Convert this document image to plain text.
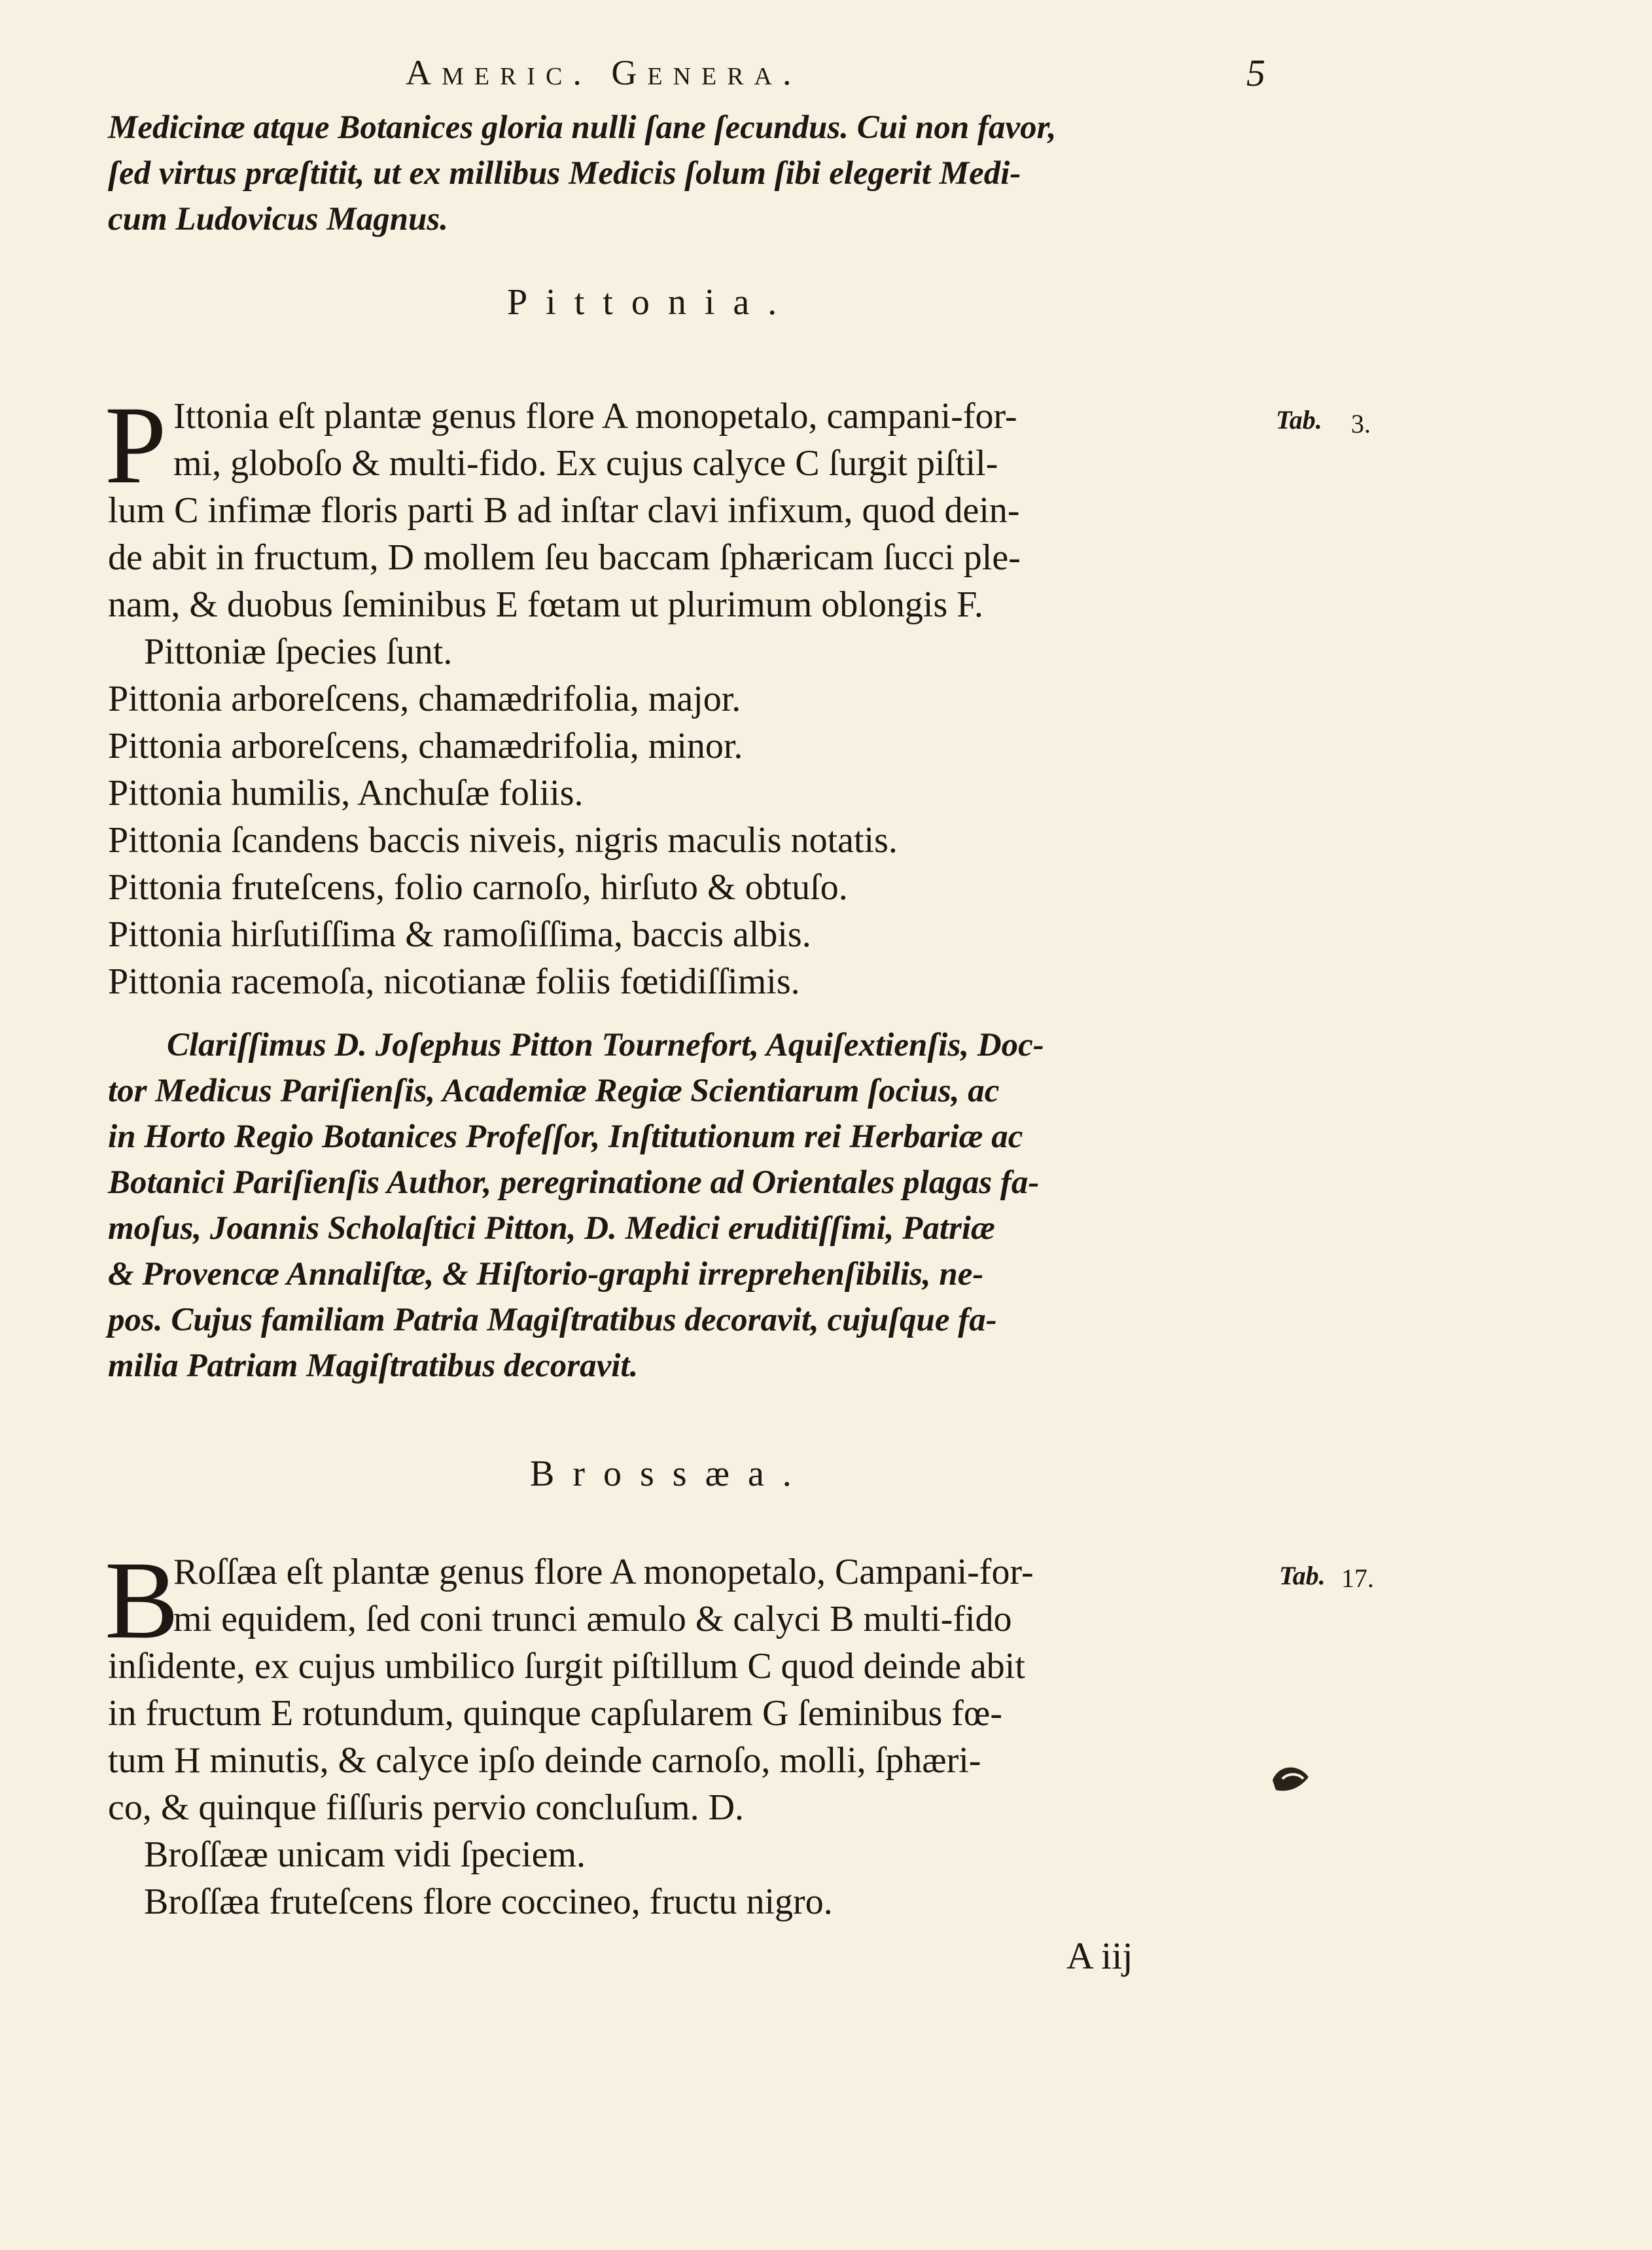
Americ. Genera.	5
Medicinæ atque Botanices gloria nulli ſane ſecundus. Cui non favor,
ſed virtus præſtitit, ut ex millibus Medicis ſolum ſibi elegerit Medi-
cum Ludovicus Magnus.
Pittonia.
P	Tab. 3.
Ittonia eſt plantæ genus flore A monopetalo, campani-for-
mi, globoſo & multi-fido. Ex cujus calyce C ſurgit piſtil-
lum C infimæ floris parti B ad inſtar clavi infixum, quod dein-
de abit in fructum, D mollem ſeu baccam ſphæricam ſucci ple-
nam, & duobus ſeminibus E fœtam ut plurimum oblongis F.
Pittoniæ ſpecies ſunt.
Pittonia arboreſcens, chamædrifolia, major.
Pittonia arboreſcens, chamædrifolia, minor.
Pittonia humilis, Anchuſæ foliis.
Pittonia ſcandens baccis niveis, nigris maculis notatis.
Pittonia fruteſcens, folio carnoſo, hirſuto & obtuſo.
Pittonia hirſutiſſima & ramoſiſſima, baccis albis.
Pittonia racemoſa, nicotianæ foliis fœtidiſſimis.
Clariſſimus D. Joſephus Pitton Tournefort, Aquiſextienſis, Doc-
tor Medicus Pariſienſis, Academiæ Regiæ Scientiarum ſocius, ac
in Horto Regio Botanices Profeſſor, Inſtitutionum rei Herbariæ ac
Botanici Pariſienſis Author, peregrinatione ad Orientales plagas fa-
moſus, Joannis Scholaſtici Pitton, D. Medici eruditiſſimi, Patriæ
& Provencæ Annaliſtæ, & Hiſtorio-graphi irreprehenſibilis, ne-
pos. Cujus familiam Patria Magiſtratibus decoravit, cujuſque fa-
milia Patriam Magiſtratibus decoravit.
Brossæa.
B	Tab. 17.
Roſſæa eſt plantæ genus flore A monopetalo, Campani-for-
mi equidem, ſed coni trunci æmulo & calyci B multi-fido
inſidente, ex cujus umbilico ſurgit piſtillum C quod deinde abit
in fructum E rotundum, quinque capſularem G ſeminibus fœ-
tum H minutis, & calyce ipſo deinde carnoſo, molli, ſphæri-
co, & quinque fiſſuris pervio concluſum. D.
Broſſææ unicam vidi ſpeciem.
Broſſæa fruteſcens flore coccineo, fructu nigro.
A iij
